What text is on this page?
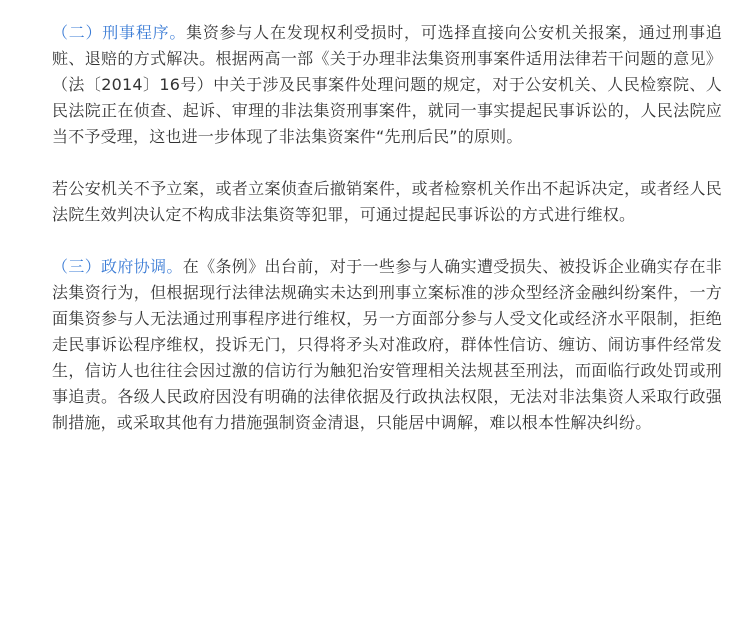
（二）刑事程序。集资参与人在发现权利受损时，可选择直接向公安机关报案，通过刑事追赃、退赔的方式解决。根据两高一部《关于办理非法集资刑事案件适用法律若干问题的意见》（法〔2014〕16号）中关于涉及民事案件处理问题的规定，对于公安机关、人民检察院、人民法院正在侦查、起诉、审理的非法集资刑事案件，就同一事实提起民事诉讼的，人民法院应当不予受理，这也进一步体现了非法集资案件“先刑后民”的原则。

若公安机关不予立案，或者立案侦查后撤销案件，或者检察机关作出不起诉决定，或者经人民法院生效判决认定不构成非法集资等犯罪，可通过提起民事诉讼的方式进行维权。

（三）政府协调。在《条例》出台前，对于一些参与人确实遭受损失、被投诉企业确实存在非法集资行为，但根据现行法律法规确实未达到刑事立案标准的涉众型经济金融纠纷案件，一方面集资参与人无法通过刑事程序进行维权，另一方面部分参与人受文化或经济水平限制，拒绝走民事诉讼程序维权，投诉无门，只得将矛头对准政府，群体性信访、缠访、闹访事件经常发生，信访人也往往会因过激的信访行为触犯治安管理相关法规甚至刑法，而面临行政处罚或刑事追责。各级人民政府因没有明确的法律依据及行政执法权限，无法对非法集资人采取行政强制措施，或采取其他有力措施强制资金清退，只能居中调解，难以根本性解决纠纷。
